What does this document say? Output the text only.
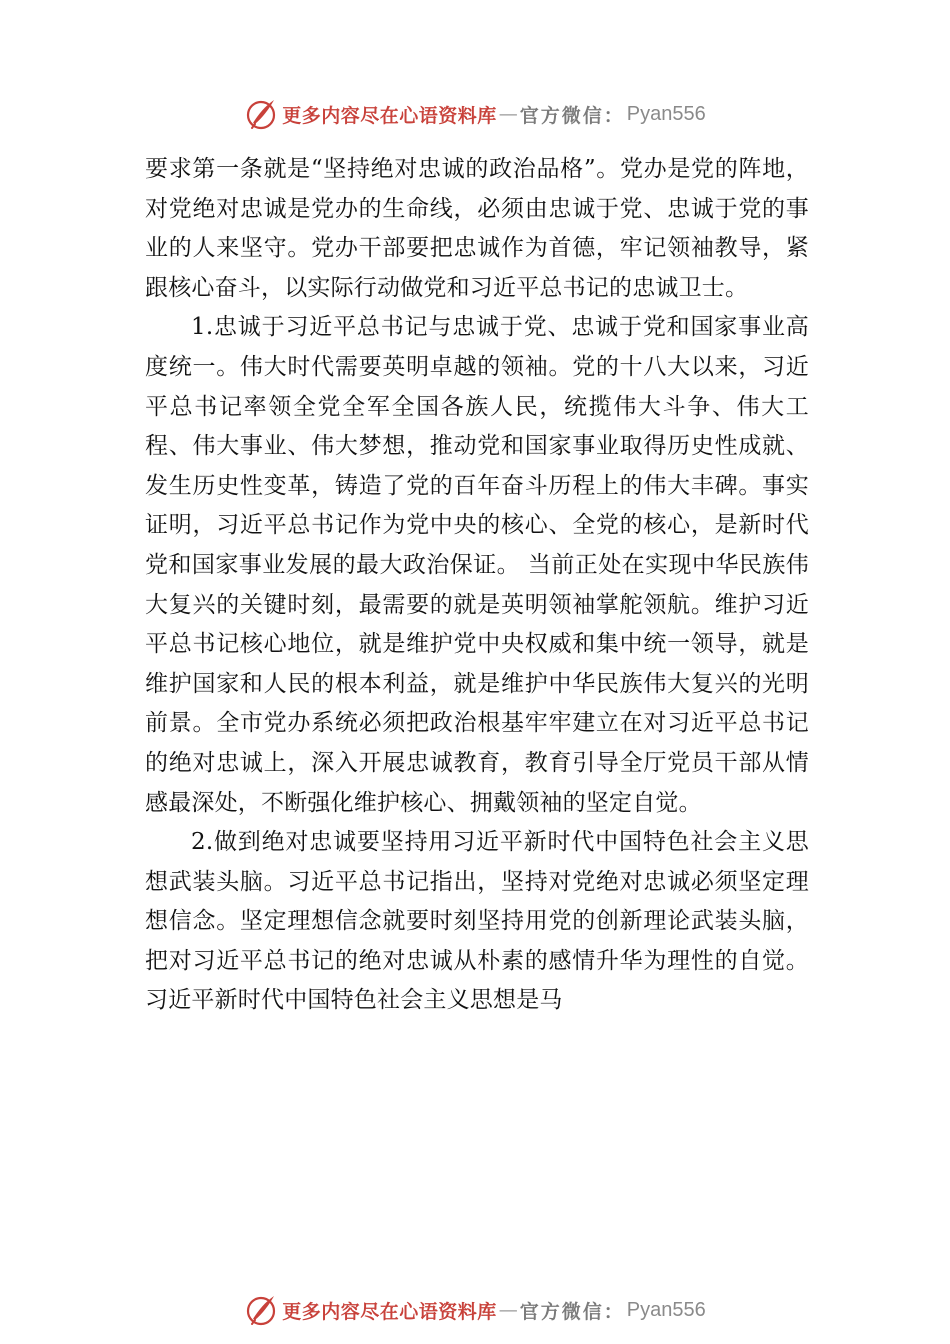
更多内容尽在心语资料库 — 官方微信： Pyan556

要求第一条就是“坚持绝对忠诚的政治品格”。党办是党的阵地，对党绝对忠诚是党办的生命线，必须由忠诚于党、忠诚于党的事业的人来坚守。党办干部要把忠诚作为首德，牢记领袖教导，紧跟核心奋斗，以实际行动做党和习近平总书记的忠诚卫士。

1.忠诚于习近平总书记与忠诚于党、忠诚于党和国家事业高度统一。伟大时代需要英明卓越的领袖。党的十八大以来，习近平总书记率领全党全军全国各族人民，统揽伟大斗争、伟大工程、伟大事业、伟大梦想，推动党和国家事业取得历史性成就、发生历史性变革，铸造了党的百年奋斗历程上的伟大丰碑。事实证明，习近平总书记作为党中央的核心、全党的核心，是新时代党和国家事业发展的最大政治保证。 当前正处在实现中华民族伟大复兴的关键时刻，最需要的就是英明领袖掌舵领航。维护习近平总书记核心地位，就是维护党中央权威和集中统一领导，就是维护国家和人民的根本利益，就是维护中华民族伟大复兴的光明前景。全市党办系统必须把政治根基牢牢建立在对习近平总书记的绝对忠诚上，深入开展忠诚教育，教育引导全厅党员干部从情感最深处，不断强化维护核心、拥戴领袖的坚定自觉。

2.做到绝对忠诚要坚持用习近平新时代中国特色社会主义思想武装头脑。习近平总书记指出，坚持对党绝对忠诚必须坚定理想信念。坚定理想信念就要时刻坚持用党的创新理论武装头脑，把对习近平总书记的绝对忠诚从朴素的感情升华为理性的自觉。习近平新时代中国特色社会主义思想是马

更多内容尽在心语资料库 — 官方微信： Pyan556
